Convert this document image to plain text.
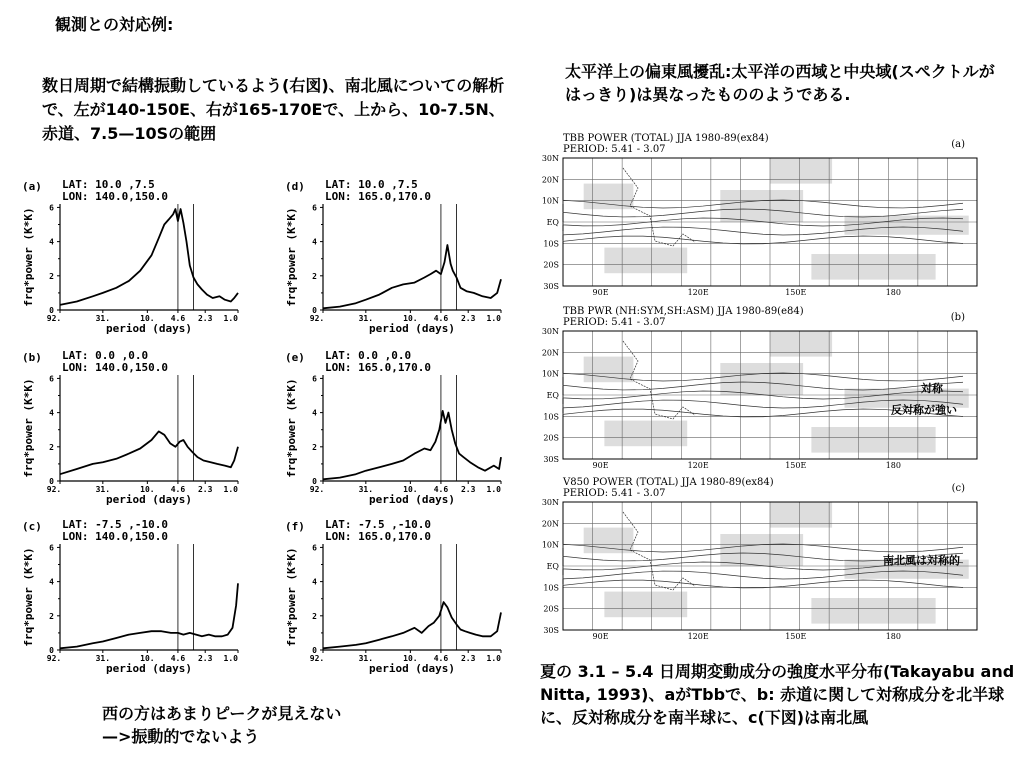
観測との対応例:
数日周期で結構振動しているよう(右図)、南北風についての解析で、左が140-150E、右が165-170Eで、上から、10-7.5N、赤道、7.5—10Sの範囲
太平洋上の偏東風擾乱:太平洋の西域と中央域(スペクトルがはっきり)は異なったもののようである.
夏の 3.1 – 5.4 日周期変動成分の強度水平分布(Takayabu and Nitta, 1993)、aがTbbで、b: 赤道に関して対称成分を北半球に、反対称成分を南半球に、c(下図)は南北風
西の方はあまりピークが見えない
—>振動的でないよう
(a) LAT: 10.0 ,7.5
LON: 140.0,150.0
0
2
4
6
92.	31.	10. 4.6 2.3 1.0
period (days)
frq*power (K*K)
(d) LAT: 10.0 ,7.5
LON: 165.0,170.0
0
2
4
6
92.	31.	10. 4.6 2.3 1.0
period (days)
frq*power (K*K)
(b) LAT: 0.0 ,0.0
LON: 140.0,150.0
0
2
4
6
92.	31.	10. 4.6 2.3 1.0
period (days)
frq*power (K*K)
(e) LAT: 0.0 ,0.0
LON: 165.0,170.0
0
2
4
6
92.	31.	10. 4.6 2.3 1.0
period (days)
frq*power (K*K)
(c) LAT: -7.5 ,-10.0
LON: 140.0,150.0
0
2
4
6
92.	31.	10. 4.6 2.3 1.0
period (days)
frq*power (K*K)
(f) LAT: -7.5 ,-10.0
LON: 165.0,170.0
0
2
4
6
92.	31.	10. 4.6 2.3 1.0
period (days)
frq*power (K*K)
TBB POWER (TOTAL) JJA 1980-89(ex84)
PERIOD: 5.41 - 3.07	(a)
30N
20N
10N
EQ
10S
20S
30S
90E	120E	150E	180
TBB PWR (NH:SYM,SH:ASM) JJA 1980-89(e84)
PERIOD: 5.41 - 3.07	(b)
30N
20N
10N
EQ
10S
20S
30S
90E	120E	150E	180
対称
反対称が強い
V850 POWER (TOTAL) JJA 1980-89(ex84)
PERIOD: 5.41 - 3.07	(c)
30N
20N
10N
EQ
10S
20S
30S
90E	120E	150E	180
南北風は対称的
